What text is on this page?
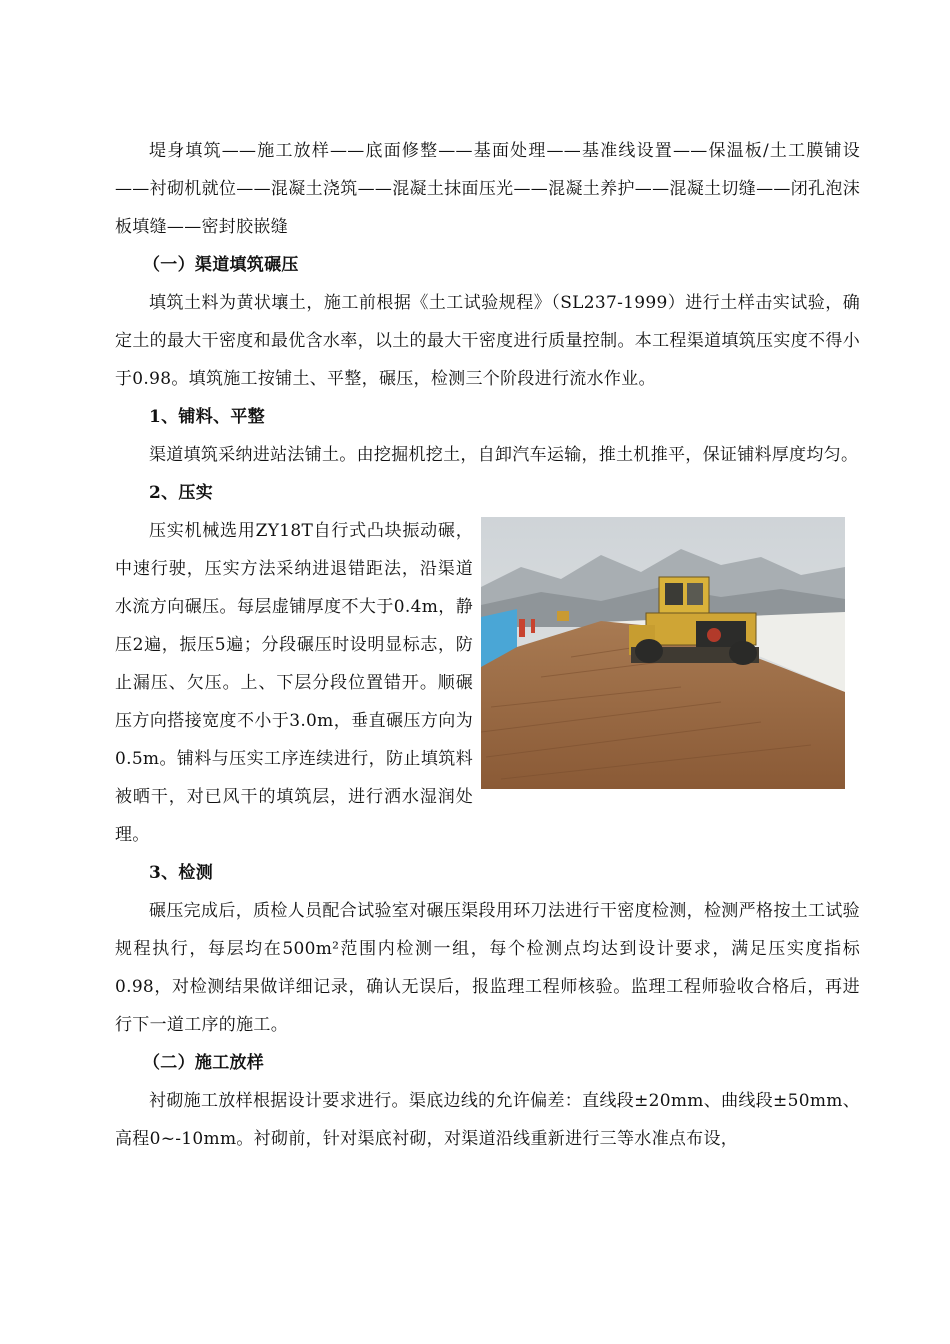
堤身填筑——施工放样——底面修整——基面处理——基准线设置——保温板/土工膜铺设——衬砌机就位——混凝土浇筑——混凝土抹面压光——混凝土养护——混凝土切缝——闭孔泡沫板填缝——密封胶嵌缝

（一）渠道填筑碾压

填筑土料为黄状壤土，施工前根据《土工试验规程》（SL237-1999）进行土样击实试验，确定土的最大干密度和最优含水率，以土的最大干密度进行质量控制。本工程渠道填筑压实度不得小于0.98。填筑施工按铺土、平整，碾压，检测三个阶段进行流水作业。

1、铺料、平整

渠道填筑采纳进站法铺土。由挖掘机挖土，自卸汽车运输，推土机推平，保证铺料厚度均匀。

2、压实

压实机械选用ZY18T自行式凸块振动碾，中速行驶，压实方法采纳进退错距法，沿渠道水流方向碾压。每层虚铺厚度不大于0.4m，静压2遍，振压5遍；分段碾压时设明显标志，防止漏压、欠压。上、下层分段位置错开。顺碾压方向搭接宽度不小于3.0m，垂直碾压方向为0.5m。铺料与压实工序连续进行，防止填筑料被晒干，对已风干的填筑层，进行洒水湿润处理。

3、检测

碾压完成后，质检人员配合试验室对碾压渠段用环刀法进行干密度检测，检测严格按土工试验规程执行，每层均在500m²范围内检测一组，每个检测点均达到设计要求，满足压实度指标0.98，对检测结果做详细记录，确认无误后，报监理工程师核验。监理工程师验收合格后，再进行下一道工序的施工。

（二）施工放样

衬砌施工放样根据设计要求进行。渠底边线的允许偏差：直线段±20mm、曲线段±50mm、高程0~-10mm。衬砌前，针对渠底衬砌，对渠道沿线重新进行三等水准点布设，
